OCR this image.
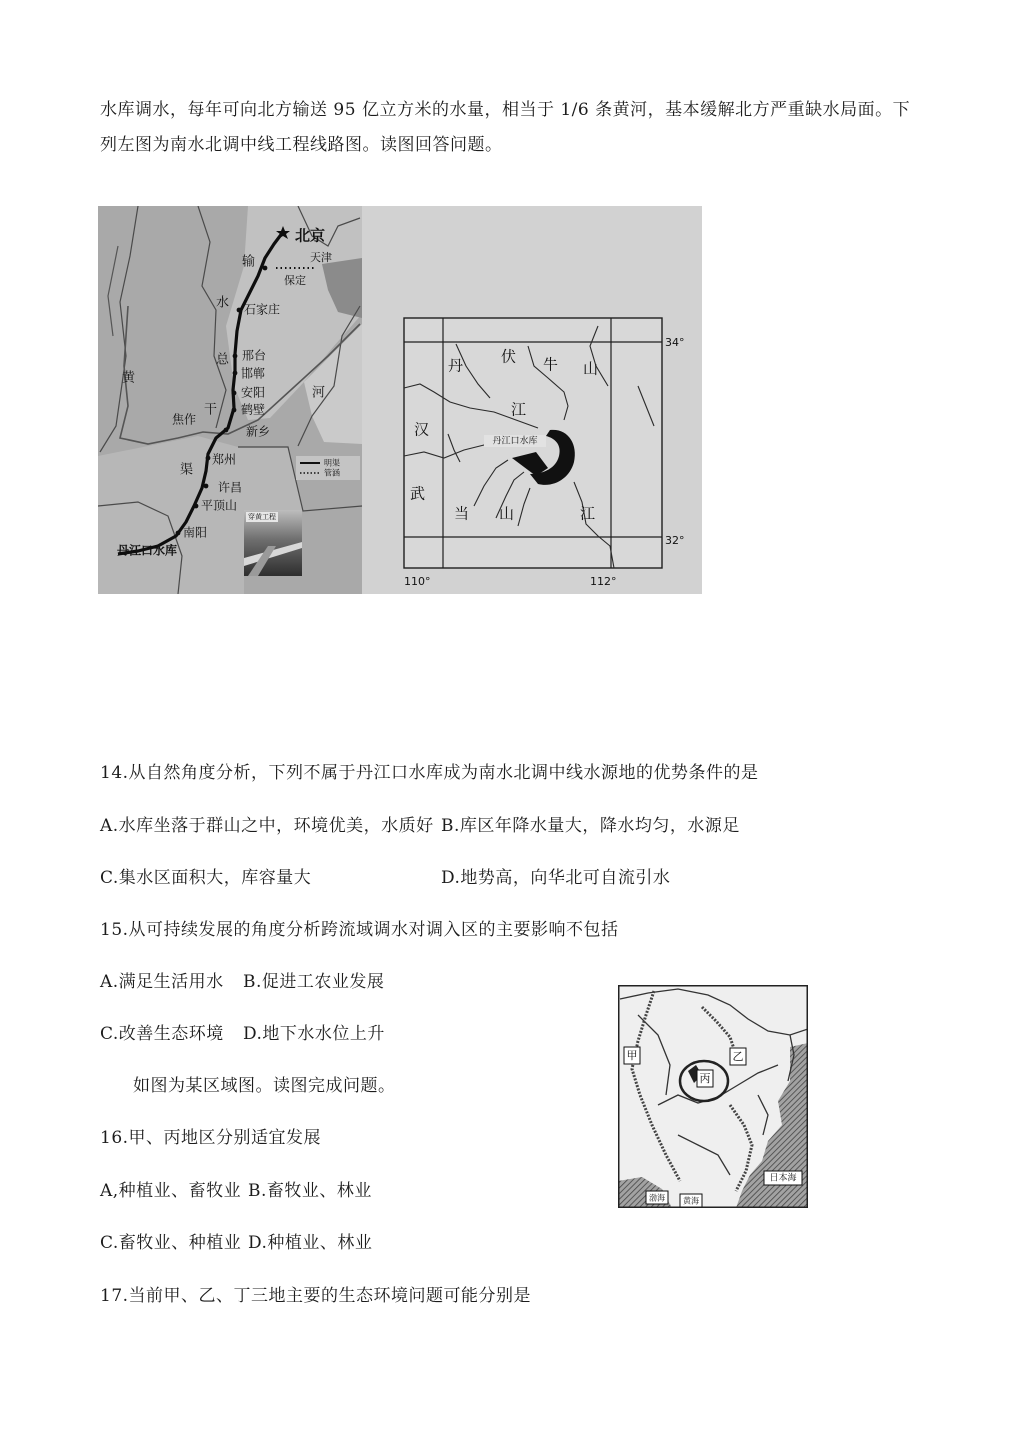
水库调水，每年可向北方输送 95 亿立方米的水量，相当于 1/6 条黄河，基本缓解北方严重缺水局面。下
列左图为南水北调中线工程线路图。读图回答问题。
北京
天津
保定
石家庄
邢台
邯郸
安阳
鹤壁
焦作
新乡
郑州
许昌
平顶山
南阳
丹江口水库
输
水
总
干
渠
黄
河
明渠
管涵
穿黄工程
丹	伏 牛 山
江
汉
丹江口水库
武
当 山	江
34°
32°
110°	112°
14.从自然角度分析，下列不属于丹江口水库成为南水北调中线水源地的优势条件的是
A.水库坐落于群山之中，环境优美，水质好 B.库区年降水量大，降水均匀，水源足
C.集水区面积大，库容量大	D.地势高，向华北可自流引水
15.从可持续发展的角度分析跨流域调水对调入区的主要影响不包括
A.满足生活用水 B.促进工农业发展
C.改善生态环境 D.地下水水位上升
如图为某区域图。读图完成问题。
16.甲、丙地区分别适宜发展
A,种植业、畜牧业 B.畜牧业、林业
C.畜牧业、种植业 D.种植业、林业
17.当前甲、乙、丁三地主要的生态环境问题可能分别是
甲	乙
丙
日本海
渤海 黄海
